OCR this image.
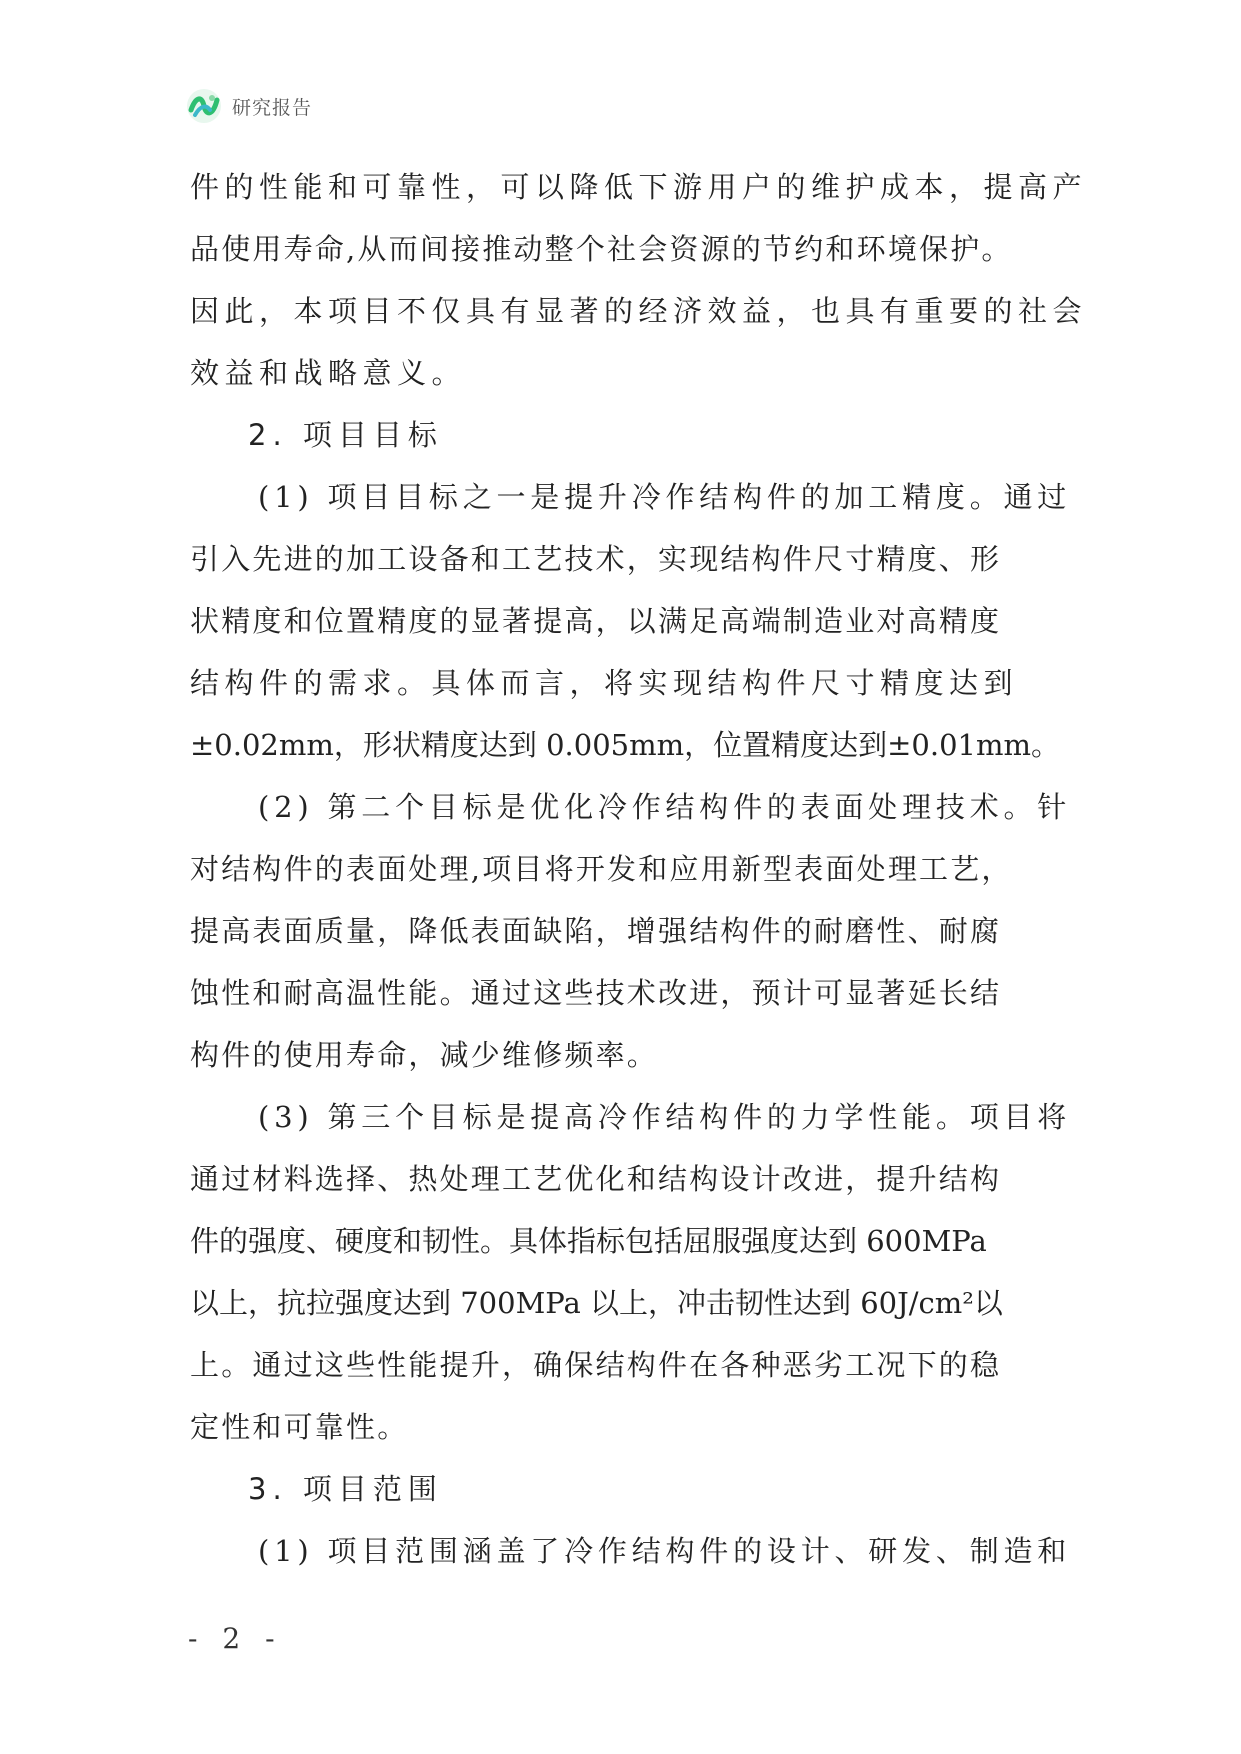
研究报告
件的性能和可靠性，可以降低下游用户的维护成本，提高产
品使用寿命,从而间接推动整个社会资源的节约和环境保护。
因此，本项目不仅具有显著的经济效益，也具有重要的社会
效益和战略意义。
2. 项目目标
(1) 项目目标之一是提升冷作结构件的加工精度。通过
引入先进的加工设备和工艺技术，实现结构件尺寸精度、形
状精度和位置精度的显著提高，以满足高端制造业对高精度
结构件的需求。具体而言，将实现结构件尺寸精度达到
±0.02mm，形状精度达到 0.005mm，位置精度达到±0.01mm。
(2) 第二个目标是优化冷作结构件的表面处理技术。针
对结构件的表面处理,项目将开发和应用新型表面处理工艺，
提高表面质量，降低表面缺陷，增强结构件的耐磨性、耐腐
蚀性和耐高温性能。通过这些技术改进，预计可显著延长结
构件的使用寿命，减少维修频率。
(3) 第三个目标是提高冷作结构件的力学性能。项目将
通过材料选择、热处理工艺优化和结构设计改进，提升结构
件的强度、硬度和韧性。具体指标包括屈服强度达到 600MPa
以上，抗拉强度达到 700MPa 以上，冲击韧性达到 60J/cm²以
上。通过这些性能提升，确保结构件在各种恶劣工况下的稳
定性和可靠性。
3. 项目范围
(1) 项目范围涵盖了冷作结构件的设计、研发、制造和
- 2 -
